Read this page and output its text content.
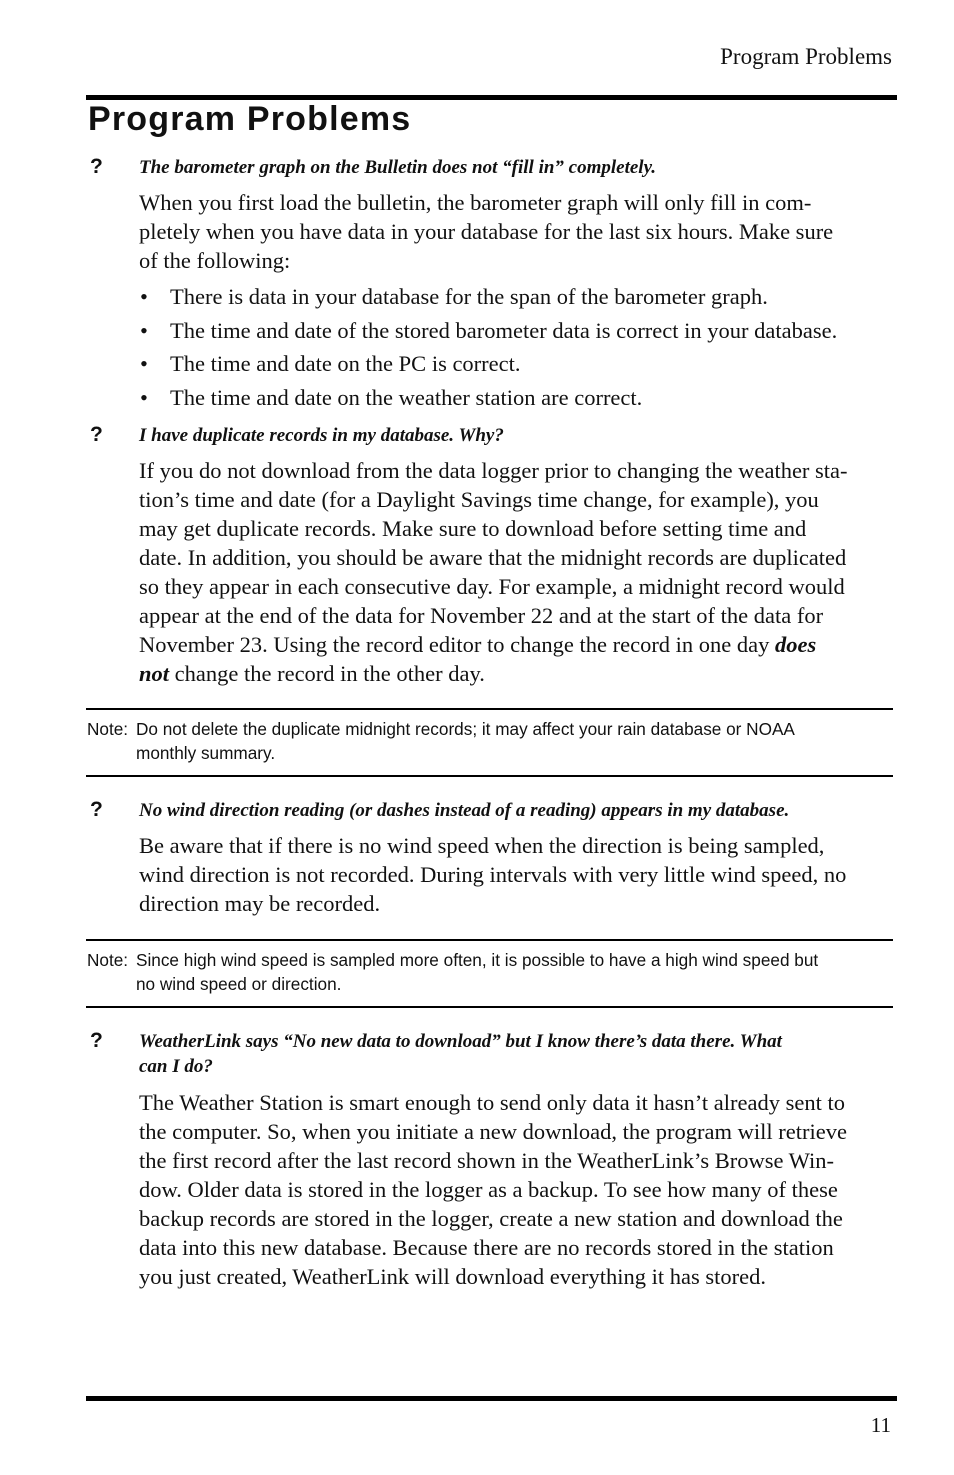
Program Problems
Program Problems
? The barometer graph on the Bulletin does not “fill in” completely.
When you first load the bulletin, the barometer graph will only fill in com-
pletely when you have data in your database for the last six hours. Make sure
of the following:
• There is data in your database for the span of the barometer graph.
• The time and date of the stored barometer data is correct in your database.
• The time and date on the PC is correct.
• The time and date on the weather station are correct.
? I have duplicate records in my database. Why?
If you do not download from the data logger prior to changing the weather sta-
tion’s time and date (for a Daylight Savings time change, for example), you
may get duplicate records. Make sure to download before setting time and
date. In addition, you should be aware that the midnight records are duplicated
so they appear in each consecutive day. For example, a midnight record would
appear at the end of the data for November 22 and at the start of the data for
November 23. Using the record editor to change the record in one day does
not change the record in the other day.
Note: Do not delete the duplicate midnight records; it may affect your rain database or NOAA
monthly summary.
? No wind direction reading (or dashes instead of a reading) appears in my database.
Be aware that if there is no wind speed when the direction is being sampled,
wind direction is not recorded. During intervals with very little wind speed, no
direction may be recorded.
Note: Since high wind speed is sampled more often, it is possible to have a high wind speed but
no wind speed or direction.
? WeatherLink says “No new data to download” but I know there’s data there. What
can I do?
The Weather Station is smart enough to send only data it hasn’t already sent to
the computer. So, when you initiate a new download, the program will retrieve
the first record after the last record shown in the WeatherLink’s Browse Win-
dow. Older data is stored in the logger as a backup. To see how many of these
backup records are stored in the logger, create a new station and download the
data into this new database. Because there are no records stored in the station
you just created, WeatherLink will download everything it has stored.
11
